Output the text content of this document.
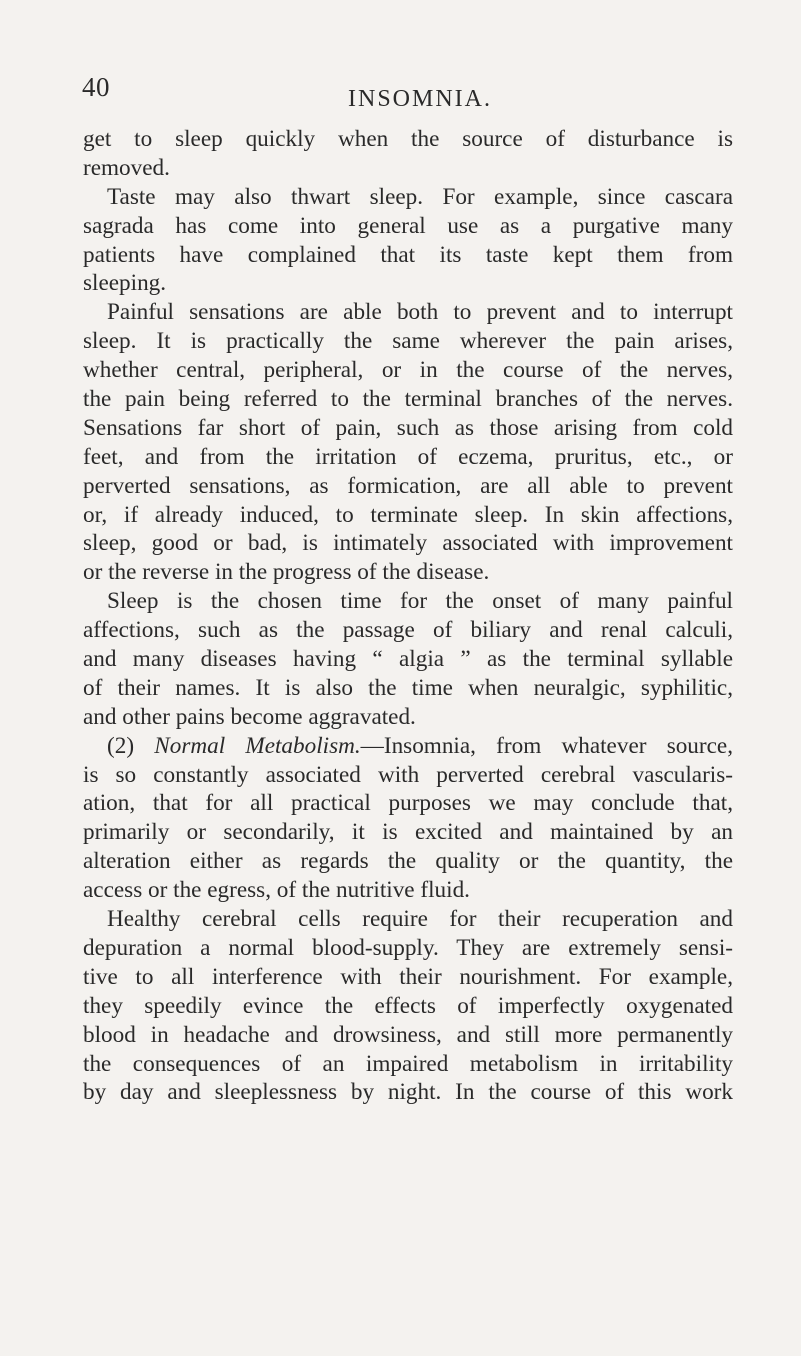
40	INSOMNIA.
get to sleep quickly when the source of disturbance is
removed.
Taste may also thwart sleep. For example, since cascara
sagrada has come into general use as a purgative many
patients have complained that its taste kept them from
sleeping.
Painful sensations are able both to prevent and to interrupt
sleep. It is practically the same wherever the pain arises,
whether central, peripheral, or in the course of the nerves,
the pain being referred to the terminal branches of the nerves.
Sensations far short of pain, such as those arising from cold
feet, and from the irritation of eczema, pruritus, etc., or
perverted sensations, as formication, are all able to prevent
or, if already induced, to terminate sleep. In skin affections,
sleep, good or bad, is intimately associated with improvement
or the reverse in the progress of the disease.
Sleep is the chosen time for the onset of many painful
affections, such as the passage of biliary and renal calculi,
and many diseases having “ algia ” as the terminal syllable
of their names. It is also the time when neuralgic, syphilitic,
and other pains become aggravated.
(2) Normal Metabolism.—Insomnia, from whatever source,
is so constantly associated with perverted cerebral vascularis-
ation, that for all practical purposes we may conclude that,
primarily or secondarily, it is excited and maintained by an
alteration either as regards the quality or the quantity, the
access or the egress, of the nutritive fluid.
Healthy cerebral cells require for their recuperation and
depuration a normal blood-supply. They are extremely sensi-
tive to all interference with their nourishment. For example,
they speedily evince the effects of imperfectly oxygenated
blood in headache and drowsiness, and still more permanently
the consequences of an impaired metabolism in irritability
by day and sleeplessness by night. In the course of this work
